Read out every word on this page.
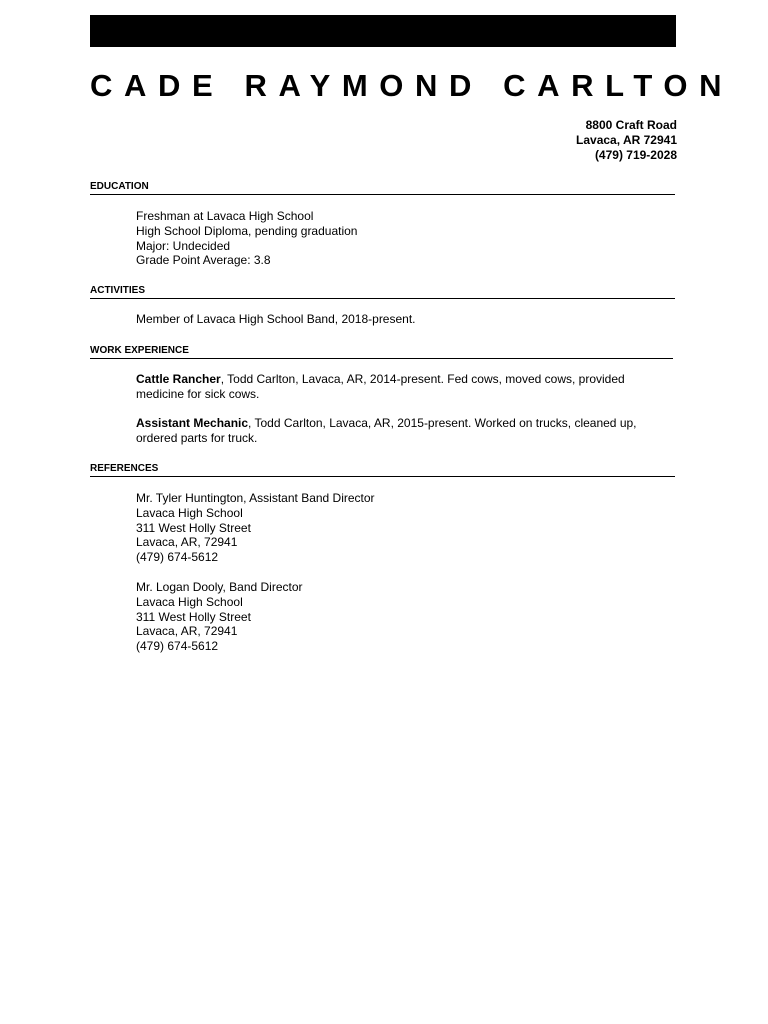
CADE RAYMOND CARLTON
8800 Craft Road
Lavaca, AR 72941
(479) 719-2028
EDUCATION
Freshman at Lavaca High School
High School Diploma, pending graduation
Major: Undecided
Grade Point Average: 3.8
ACTIVITIES
Member of Lavaca High School Band, 2018-present.
WORK EXPERIENCE
Cattle Rancher, Todd Carlton, Lavaca, AR, 2014-present. Fed cows, moved cows, provided medicine for sick cows.
Assistant Mechanic, Todd Carlton, Lavaca, AR, 2015-present. Worked on trucks, cleaned up, ordered parts for truck.
REFERENCES
Mr. Tyler Huntington, Assistant Band Director
Lavaca High School
311 West Holly Street
Lavaca, AR, 72941
(479) 674-5612
Mr. Logan Dooly, Band Director
Lavaca High School
311 West Holly Street
Lavaca, AR, 72941
(479) 674-5612
